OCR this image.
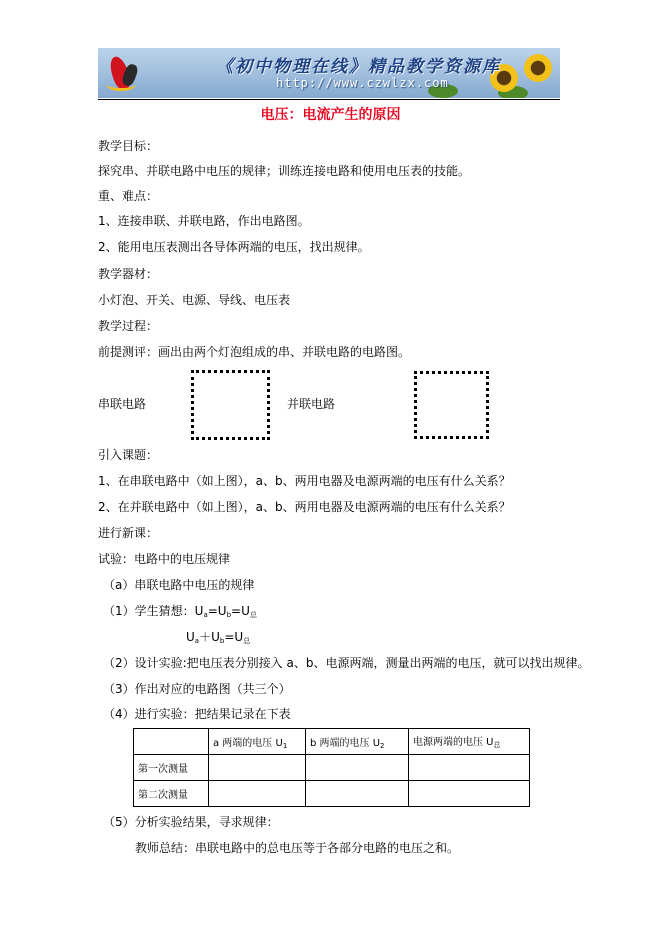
《初中物理在线》精品教学资源库
http://www.czwlzx.com
电压：电流产生的原因
教学目标：
探究串、并联电路中电压的规律；训练连接电路和使用电压表的技能。
重、难点：
1、连接串联、并联电路，作出电路图。
2、能用电压表测出各导体两端的电压，找出规律。
教学器材：
小灯泡、开关、电源、导线、电压表
教学过程：
前提测评：画出由两个灯泡组成的串、并联电路的电路图。
串联电路	并联电路
引入课题：
1、在串联电路中（如上图），a、b、两用电器及电源两端的电压有什么关系？
2、在并联电路中（如上图），a、b、两用电器及电源两端的电压有什么关系？
进行新课：
试验：电路中的电压规律
（a）串联电路中电压的规律
（1）学生猜想：$U_a=U_b=U_总$
$U_a+U_b=U_总$
（2）设计实验:把电压表分别接入 a、b、电源两端，测量出两端的电压，就可以找出规律。
（3）作出对应的电路图（共三个）
（4）进行实验：把结果记录在下表
	a 两端的电压 $U_1$	b 两端的电压 $U_2$	电源两端的电压 $U_总$
第一次测量			
第二次测量			
（5）分析实验结果，寻求规律：
教师总结：串联电路中的总电压等于各部分电路的电压之和。
